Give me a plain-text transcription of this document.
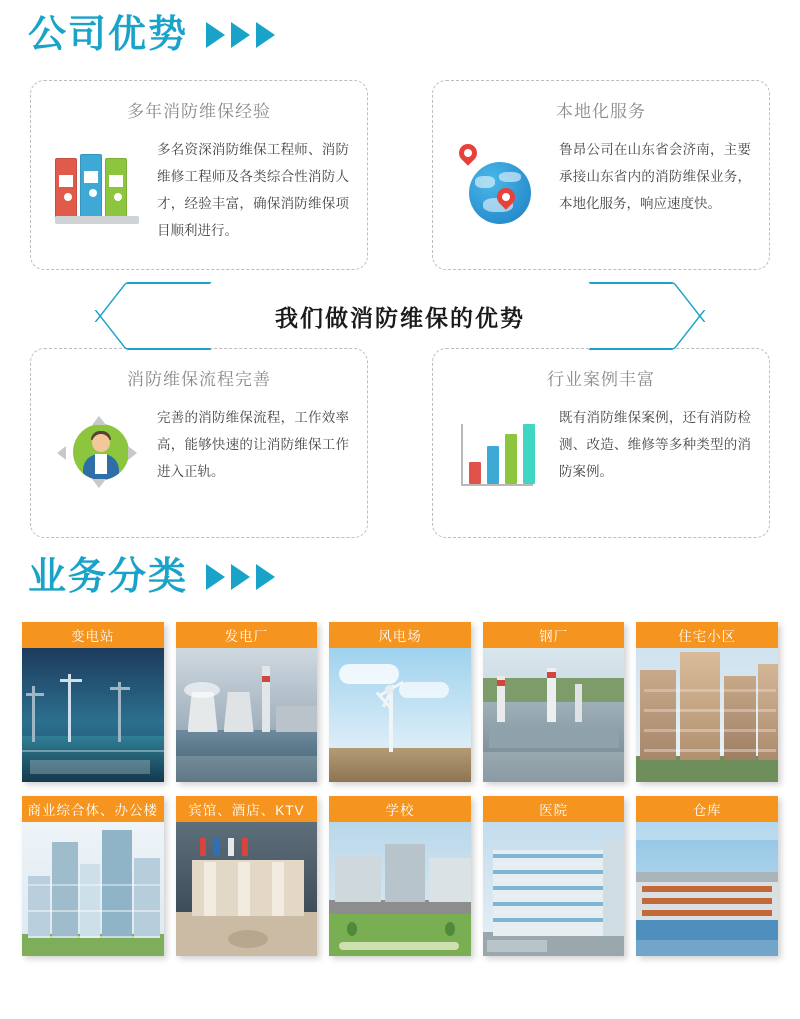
公司优势
多年消防维保经验
多名资深消防维保工程师、消防维修工程师及各类综合性消防人才，经验丰富，确保消防维保项目顺利进行。
本地化服务
鲁昂公司在山东省会济南，主要承接山东省内的消防维保业务，本地化服务，响应速度快。
我们做消防维保的优势
消防维保流程完善
完善的消防维保流程，工作效率高，能够快速的让消防维保工作进入正轨。
行业案例丰富
既有消防维保案例，还有消防检测、改造、维修等多种类型的消防案例。
业务分类
变电站	发电厂	风电场	钢厂	住宅小区
商业综合体、办公楼	宾馆、酒店、KTV	学校	医院	仓库
